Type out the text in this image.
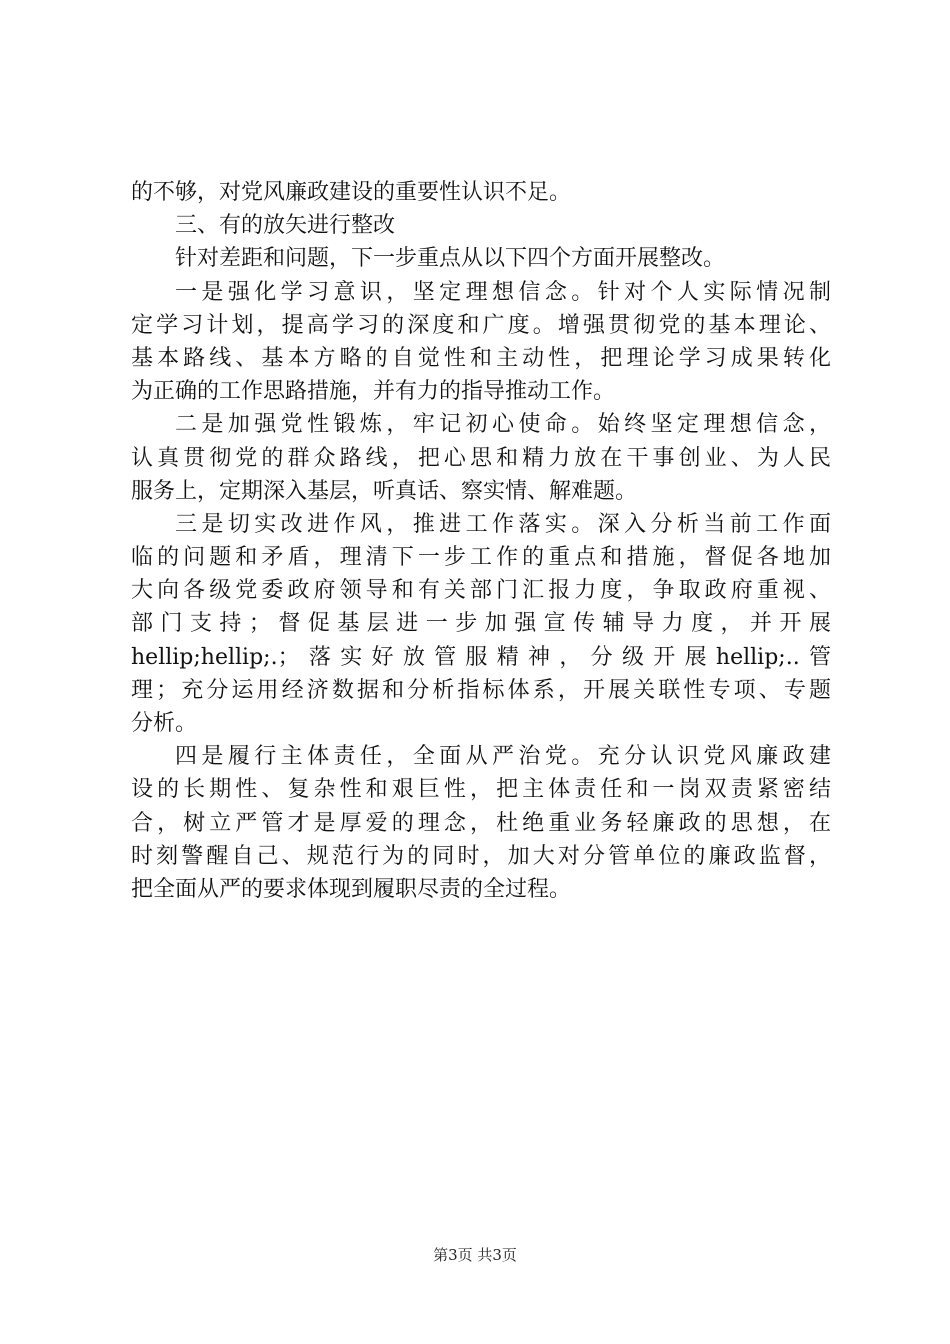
的不够，对党风廉政建设的重要性认识不足。
三、有的放矢进行整改
针对差距和问题，下一步重点从以下四个方面开展整改。
一是强化学习意识，坚定理想信念。针对个人实际情况制
定学习计划，提高学习的深度和广度。增强贯彻党的基本理论、
基本路线、基本方略的自觉性和主动性，把理论学习成果转化
为正确的工作思路措施，并有力的指导推动工作。
二是加强党性锻炼，牢记初心使命。始终坚定理想信念，
认真贯彻党的群众路线，把心思和精力放在干事创业、为人民
服务上，定期深入基层，听真话、察实情、解难题。
三是切实改进作风，推进工作落实。深入分析当前工作面
临的问题和矛盾，理清下一步工作的重点和措施，督促各地加
大向各级党委政府领导和有关部门汇报力度，争取政府重视、
部门支持；督促基层进一步加强宣传辅导力度，并开展
hellip;hellip;.；落实好放管服精神，分级开展hellip;..管
理；充分运用经济数据和分析指标体系，开展关联性专项、专题
分析。
四是履行主体责任，全面从严治党。充分认识党风廉政建
设的长期性、复杂性和艰巨性，把主体责任和一岗双责紧密结
合，树立严管才是厚爱的理念，杜绝重业务轻廉政的思想，在
时刻警醒自己、规范行为的同时，加大对分管单位的廉政监督，
把全面从严的要求体现到履职尽责的全过程。
第3页 共3页
